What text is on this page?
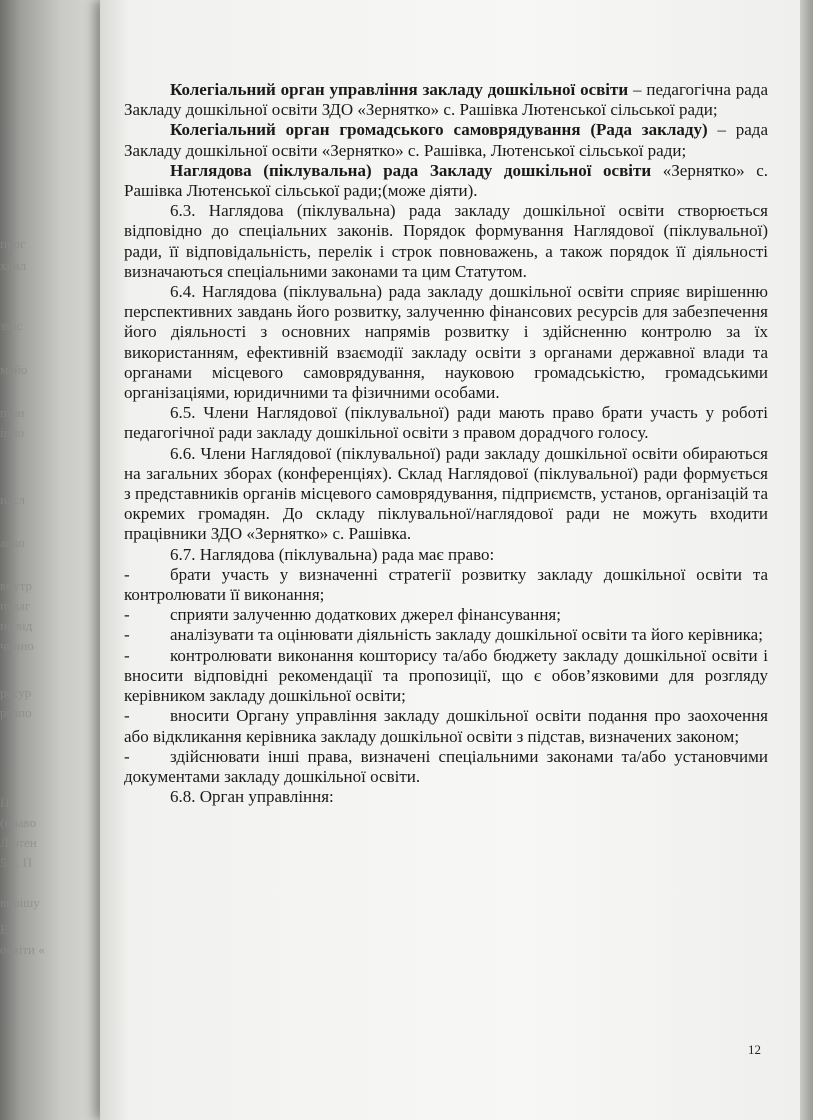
прог
хвил
зміс
майо
пінн
інно
насл
анко
внутр
педаг
не від
чинно
ресур
розпо
П
(право
Лютен
5.1. П
вирішу
Е
освіти «

Колегіальний орган управління закладу дошкільної освіти – педагогічна рада Закладу дошкільної освіти ЗДО «Зернятко» с. Рашівка Лютенської сільської ради;

Колегіальний орган громадського самоврядування (Рада закладу) – рада Закладу дошкільної освіти «Зернятко» с. Рашівка, Лютенської сільської ради;

Наглядова (піклувальна) рада Закладу дошкільної освіти «Зернятко» с. Рашівка Лютенської сільської ради;(може діяти).

6.3. Наглядова (піклувальна) рада закладу дошкільної освіти створюється відповідно до спеціальних законів. Порядок формування Наглядової (піклувальної) ради, її відповідальність, перелік і строк повноважень, а також порядок її діяльності визначаються спеціальними законами та цим Статутом.

6.4. Наглядова (піклувальна) рада закладу дошкільної освіти сприяє вирішенню перспективних завдань його розвитку, залученню фінансових ресурсів для забезпечення його діяльності з основних напрямів розвитку і здійсненню контролю за їх використанням, ефективній взаємодії закладу освіти з органами державної влади та органами місцевого самоврядування, науковою громадськістю, громадськими організаціями, юридичними та фізичними особами.

6.5. Члени Наглядової (піклувальної) ради мають право брати участь у роботі педагогічної ради закладу дошкільної освіти з правом дорадчого голосу.

6.6. Члени Наглядової (піклувальної) ради закладу дошкільної освіти обираються на загальних зборах (конференціях). Склад Наглядової (піклувальної) ради формується з представників органів місцевого самоврядування, підприємств, установ, організацій та окремих громадян. До складу піклувальної/наглядової ради не можуть входити працівники ЗДО «Зернятко» с. Рашівка.

6.7. Наглядова (піклувальна) рада має право:

- брати участь у визначенні стратегії розвитку закладу дошкільної освіти та контролювати її виконання;

- сприяти залученню додаткових джерел фінансування;

- аналізувати та оцінювати діяльність закладу дошкільної освіти та його керівника;

- контролювати виконання кошторису та/або бюджету закладу дошкільної освіти і вносити відповідні рекомендації та пропозиції, що є обов’язковими для розгляду керівником закладу дошкільної освіти;

- вносити Органу управління закладу дошкільної освіти подання про заохочення або відкликання керівника закладу дошкільної освіти з підстав, визначених законом;

- здійснювати інші права, визначені спеціальними законами та/або установчими документами закладу дошкільної освіти.

6.8. Орган управління:

12
